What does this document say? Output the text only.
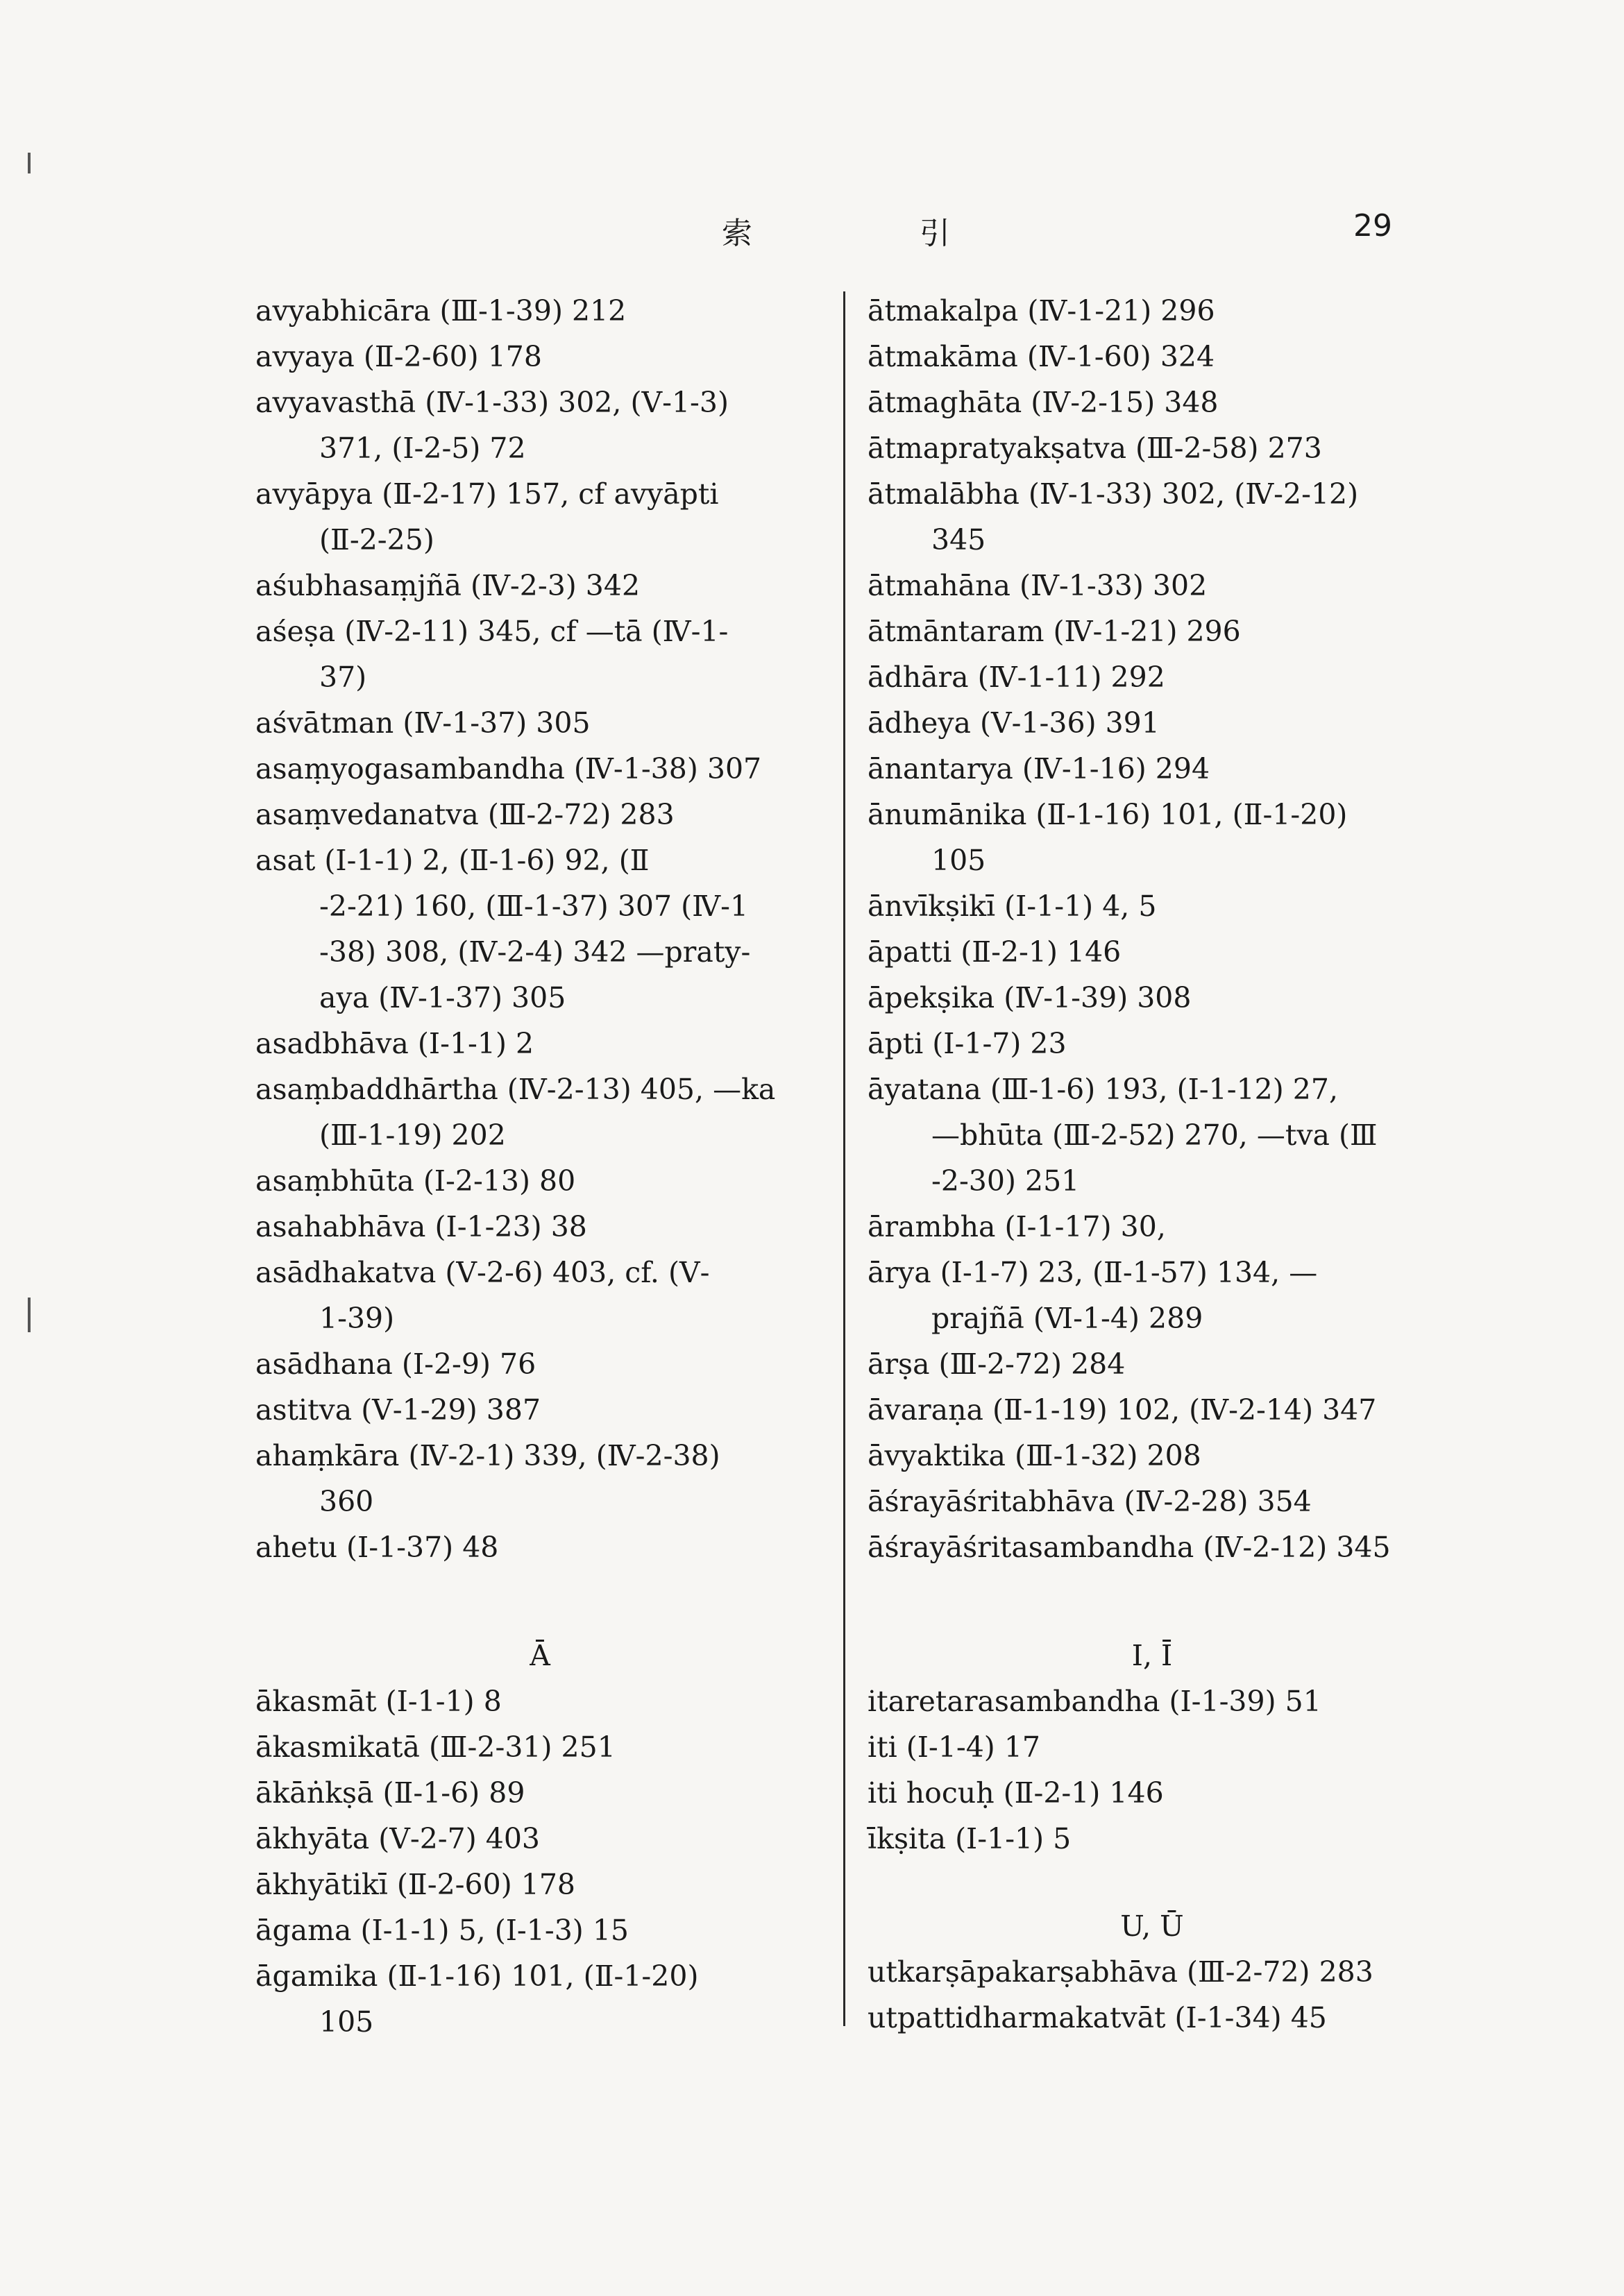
索	引	29
avyabhicāra (Ⅲ-1-39) 212
avyaya (Ⅱ-2-60) 178
avyavasthā (Ⅳ-1-33) 302, (Ⅴ-1-3)
371, (Ⅰ-2-5) 72
avyāpya (Ⅱ-2-17) 157, cf avyāpti
(Ⅱ-2-25)
aśubhasaṃjñā (Ⅳ-2-3) 342
aśeṣa (Ⅳ-2-11) 345, cf —tā (Ⅳ-1-
37)
aśvātman (Ⅳ-1-37) 305
asaṃyogasambandha (Ⅳ-1-38) 307
asaṃvedanatva (Ⅲ-2-72) 283
asat (Ⅰ-1-1) 2, (Ⅱ-1-6) 92, (Ⅱ
-2-21) 160, (Ⅲ-1-37) 307 (Ⅳ-1
-38) 308, (Ⅳ-2-4) 342 —praty-
aya (Ⅳ-1-37) 305
asadbhāva (Ⅰ-1-1) 2
asaṃbaddhārtha (Ⅳ-2-13) 405, —ka
(Ⅲ-1-19) 202
asaṃbhūta (Ⅰ-2-13) 80
asahabhāva (Ⅰ-1-23) 38
asādhakatva (Ⅴ-2-6) 403, cf. (Ⅴ-
1-39)
asādhana (Ⅰ-2-9) 76
astitva (Ⅴ-1-29) 387
ahaṃkāra (Ⅳ-2-1) 339, (Ⅳ-2-38)
360
ahetu (Ⅰ-1-37) 48
Ā
ākasmāt (Ⅰ-1-1) 8
ākasmikatā (Ⅲ-2-31) 251
ākāṅkṣā (Ⅱ-1-6) 89
ākhyāta (Ⅴ-2-7) 403
ākhyātikī (Ⅱ-2-60) 178
āgama (Ⅰ-1-1) 5, (Ⅰ-1-3) 15
āgamika (Ⅱ-1-16) 101, (Ⅱ-1-20)
105
ātmakalpa (Ⅳ-1-21) 296
ātmakāma (Ⅳ-1-60) 324
ātmaghāta (Ⅳ-2-15) 348
ātmapratyakṣatva (Ⅲ-2-58) 273
ātmalābha (Ⅳ-1-33) 302, (Ⅳ-2-12)
345
ātmahāna (Ⅳ-1-33) 302
ātmāntaram (Ⅳ-1-21) 296
ādhāra (Ⅳ-1-11) 292
ādheya (Ⅴ-1-36) 391
ānantarya (Ⅳ-1-16) 294
ānumānika (Ⅱ-1-16) 101, (Ⅱ-1-20)
105
ānvīkṣikī (Ⅰ-1-1) 4, 5
āpatti (Ⅱ-2-1) 146
āpekṣika (Ⅳ-1-39) 308
āpti (Ⅰ-1-7) 23
āyatana (Ⅲ-1-6) 193, (Ⅰ-1-12) 27,
—bhūta (Ⅲ-2-52) 270, —tva (Ⅲ
-2-30) 251
ārambha (Ⅰ-1-17) 30,
ārya (Ⅰ-1-7) 23, (Ⅱ-1-57) 134, —
prajñā (Ⅵ-1-4) 289
ārṣa (Ⅲ-2-72) 284
āvaraṇa (Ⅱ-1-19) 102, (Ⅳ-2-14) 347
āvyaktika (Ⅲ-1-32) 208
āśrayāśritabhāva (Ⅳ-2-28) 354
āśrayāśritasambandha (Ⅳ-2-12) 345
I, Ī
itaretarasambandha (Ⅰ-1-39) 51
iti (Ⅰ-1-4) 17
iti hocuḥ (Ⅱ-2-1) 146
īkṣita (Ⅰ-1-1) 5
U, Ū
utkarṣāpakarṣabhāva (Ⅲ-2-72) 283
utpattidharmakatvāt (Ⅰ-1-34) 45
